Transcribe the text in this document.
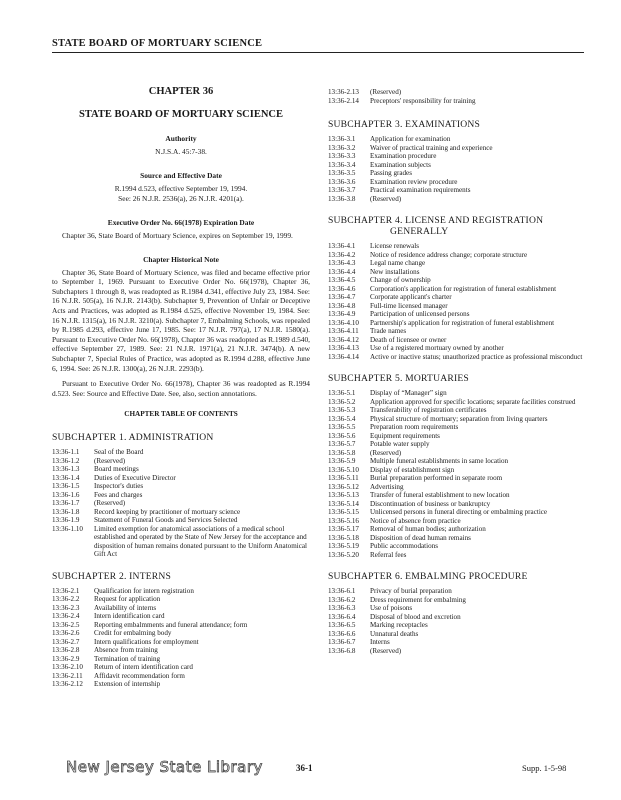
STATE BOARD OF MORTUARY SCIENCE
CHAPTER 36
STATE BOARD OF MORTUARY SCIENCE
Authority
N.J.S.A. 45:7-38.
Source and Effective Date
R.1994 d.523, effective September 19, 1994.
See: 26 N.J.R. 2536(a), 26 N.J.R. 4201(a).
Executive Order No. 66(1978) Expiration Date
Chapter 36, State Board of Mortuary Science, expires on September 19, 1999.
Chapter Historical Note
Chapter 36, State Board of Mortuary Science, was filed and became effective prior to September 1, 1969. Pursuant to Executive Order No. 66(1978), Chapter 36, Subchapters 1 through 8, was readopted as R.1984 d.341, effective July 23, 1984. See: 16 N.J.R. 505(a), 16 N.J.R. 2143(b). Subchapter 9, Prevention of Unfair or Deceptive Acts and Practices, was adopted as R.1984 d.525, effective November 19, 1984. See: 16 N.J.R. 1315(a), 16 N.J.R. 3210(a). Subchapter 7, Embalming Schools, was repealed by R.1985 d.293, effective June 17, 1985. See: 17 N.J.R. 797(a), 17 N.J.R. 1580(a). Pursuant to Executive Order No. 66(1978), Chapter 36 was readopted as R.1989 d.540, effective September 27, 1989. See: 21 N.J.R. 1971(a), 21 N.J.R. 3474(b). A new Subchapter 7, Special Rules of Practice, was adopted as R.1994 d.288, effective June 6, 1994. See: 26 N.J.R. 1300(a), 26 N.J.R. 2293(b).
Pursuant to Executive Order No. 66(1978), Chapter 36 was readopted as R.1994 d.523. See: Source and Effective Date. See, also, section annotations.
CHAPTER TABLE OF CONTENTS
SUBCHAPTER 1. ADMINISTRATION
13:36-1.1	Seal of the Board
13:36-1.2	(Reserved)
13:36-1.3	Board meetings
13:36-1.4	Duties of Executive Director
13:36-1.5	Inspector's duties
13:36-1.6	Fees and charges
13:36-1.7	(Reserved)
13:36-1.8	Record keeping by practitioner of mortuary science
13:36-1.9	Statement of Funeral Goods and Services Selected
13:36-1.10	Limited exemption for anatomical associations of a medical school established and operated by the State of New Jersey for the acceptance and disposition of human remains donated pursuant to the Uniform Anatomical Gift Act
SUBCHAPTER 2. INTERNS
13:36-2.1	Qualification for intern registration
13:36-2.2	Request for application
13:36-2.3	Availability of interns
13:36-2.4	Intern identification card
13:36-2.5	Reporting embalmments and funeral attendance; form
13:36-2.6	Credit for embalming body
13:36-2.7	Intern qualifications for employment
13:36-2.8	Absence from training
13:36-2.9	Termination of training
13:36-2.10	Return of intern identification card
13:36-2.11	Affidavit recommendation form
13:36-2.12	Extension of internship
13:36-2.13	(Reserved)
13:36-2.14	Preceptors' responsibility for training
SUBCHAPTER 3. EXAMINATIONS
13:36-3.1	Application for examination
13:36-3.2	Waiver of practical training and experience
13:36-3.3	Examination procedure
13:36-3.4	Examination subjects
13:36-3.5	Passing grades
13:36-3.6	Examination review procedure
13:36-3.7	Practical examination requirements
13:36-3.8	(Reserved)
SUBCHAPTER 4. LICENSE AND REGISTRATION
GENERALLY
13:36-4.1	License renewals
13:36-4.2	Notice of residence address change; corporate structure
13:36-4.3	Legal name change
13:36-4.4	New installations
13:36-4.5	Change of ownership
13:36-4.6	Corporation's application for registration of funeral establishment
13:36-4.7	Corporate applicant's charter
13:36-4.8	Full-time licensed manager
13:36-4.9	Participation of unlicensed persons
13:36-4.10	Partnership's application for registration of funeral establishment
13:36-4.11	Trade names
13:36-4.12	Death of licensee or owner
13:36-4.13	Use of a registered mortuary owned by another
13:36-4.14	Active or inactive status; unauthorized practice as professional misconduct
SUBCHAPTER 5. MORTUARIES
13:36-5.1	Display of “Manager” sign
13:36-5.2	Application approved for specific locations; separate facilities construed
13:36-5.3	Transferability of registration certificates
13:36-5.4	Physical structure of mortuary; separation from living quarters
13:36-5.5	Preparation room requirements
13:36-5.6	Equipment requirements
13:36-5.7	Potable water supply
13:36-5.8	(Reserved)
13:36-5.9	Multiple funeral establishments in same location
13:36-5.10	Display of establishment sign
13:36-5.11	Burial preparation performed in separate room
13:36-5.12	Advertising
13:36-5.13	Transfer of funeral establishment to new location
13:36-5.14	Discontinuation of business or bankruptcy
13:36-5.15	Unlicensed persons in funeral directing or embalming practice
13:36-5.16	Notice of absence from practice
13:36-5.17	Removal of human bodies; authorization
13:36-5.18	Disposition of dead human remains
13:36-5.19	Public accommodations
13:36-5.20	Referral fees
SUBCHAPTER 6. EMBALMING PROCEDURE
13:36-6.1	Privacy of burial preparation
13:36-6.2	Dress requirement for embalming
13:36-6.3	Use of poisons
13:36-6.4	Disposal of blood and excretion
13:36-6.5	Marking receptacles
13:36-6.6	Unnatural deaths
13:36-6.7	Interns
13:36-6.8	(Reserved)
New Jersey State Library	36-1	Supp. 1-5-98
